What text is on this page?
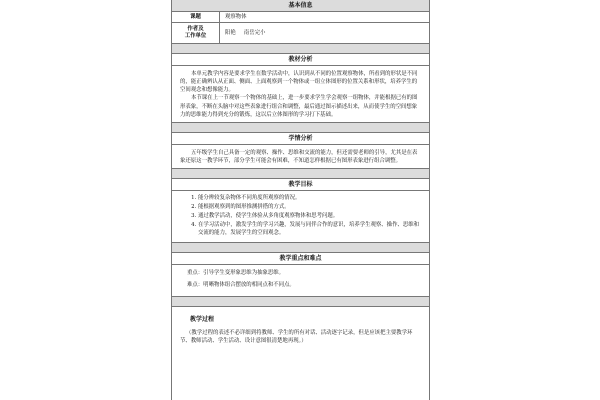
基本信息
课题	观察物体
作者及
工作单位
阳艳 南岳完小
教材分析

本单元教学内容是要求学生在数学活动中，认识到从不同的位置观察物体，所看到的形状是不同的，能正确辨认从正面、侧面、上面观察到一个物体或一组立体图形的位置关系和形状，培养学生的空间观念和想像能力。

本节课在上一节观察一个物体的基础上，进一步要求学生学会观察一组物体，并能根据已有的图形表象，不断在头脑中对这些表象进行组合和调整，最后通过图示描述出来，从而使学生的空间想象力的思维能力得到充分的锻炼，这以后立体图形的学习打下基础。

学情分析

五年级学生自己具备一定的观察、操作、思维和交流的能力，但还需要老师的引导，尤其是在表象还原这一教学环节，部分学生可能会有困难，不知道怎样根据已有图形表象进行组合调整。

教学目标
1. 能分辨较复杂物体不同角度所观察的情况。
2. 能根据观察到的图形推测拼搭的方式。
3. 通过教学活动，使学生体验从多角度观察物体和思考问题。
4. 在学习活动中，激发学生的学习兴趣，发展与同伴合作的意识，培养学生观察、操作、思维和交流的能力，发展学生的空间观念。
教学重点和难点
重点：引导学生变形象思维为抽象思维。
难点：明晰物体组合摆放的相同点和不同点。
教学过程
（教学过程的表述不必详细到将教师、学生的所有对话、活动逐字记录，但是应该把主要教学环节、教师活动、学生活动、设计意图很清楚地再现。）
